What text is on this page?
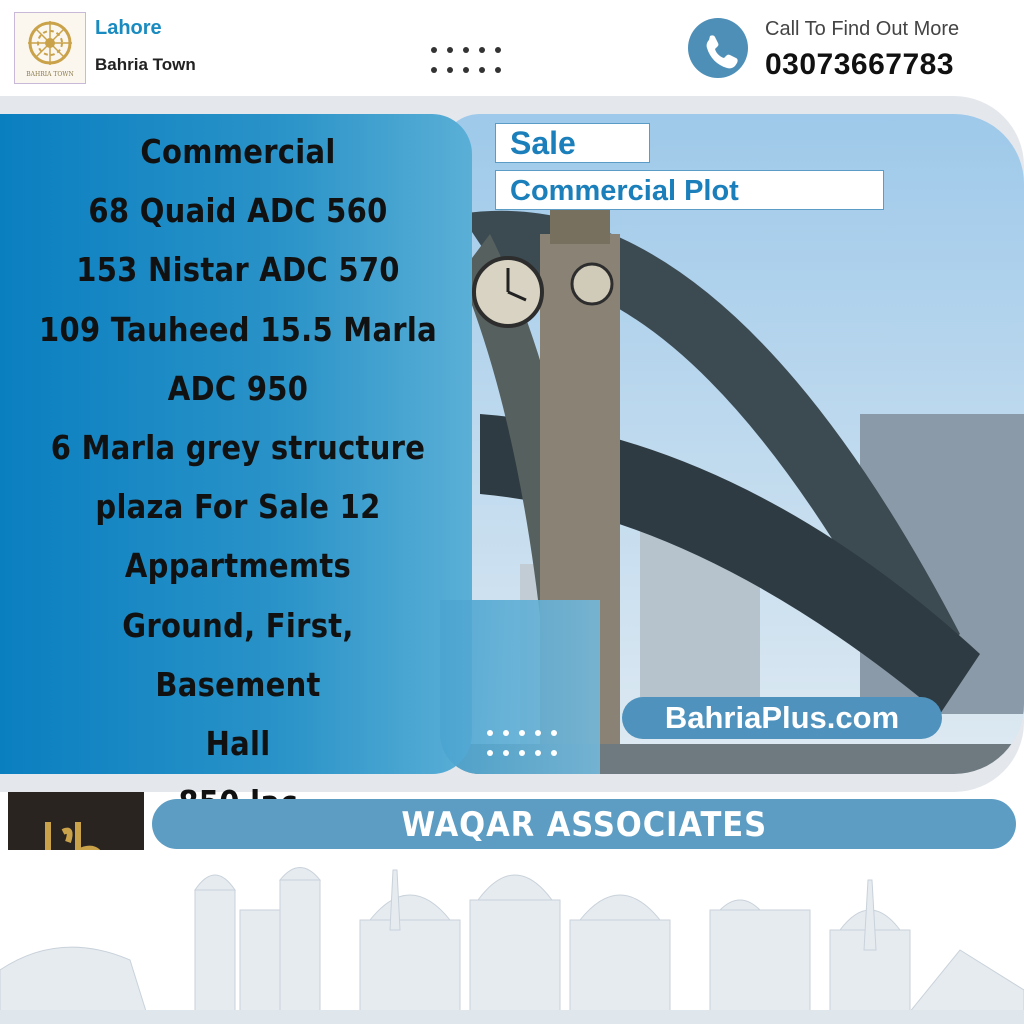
BAHRIA TOWN
Lahore
Bahria Town
Call To Find Out More
03073667783
Commercial
68 Quaid ADC 560
153 Nistar ADC 570
109 Tauheed 15.5 Marla
ADC 950
6 Marla grey structure
plaza For Sale 12
Appartmemts
Ground, First, Basement
Hall

Sale
Commercial Plot
BahriaPlus.com
WAQAR ASSOCIATES
